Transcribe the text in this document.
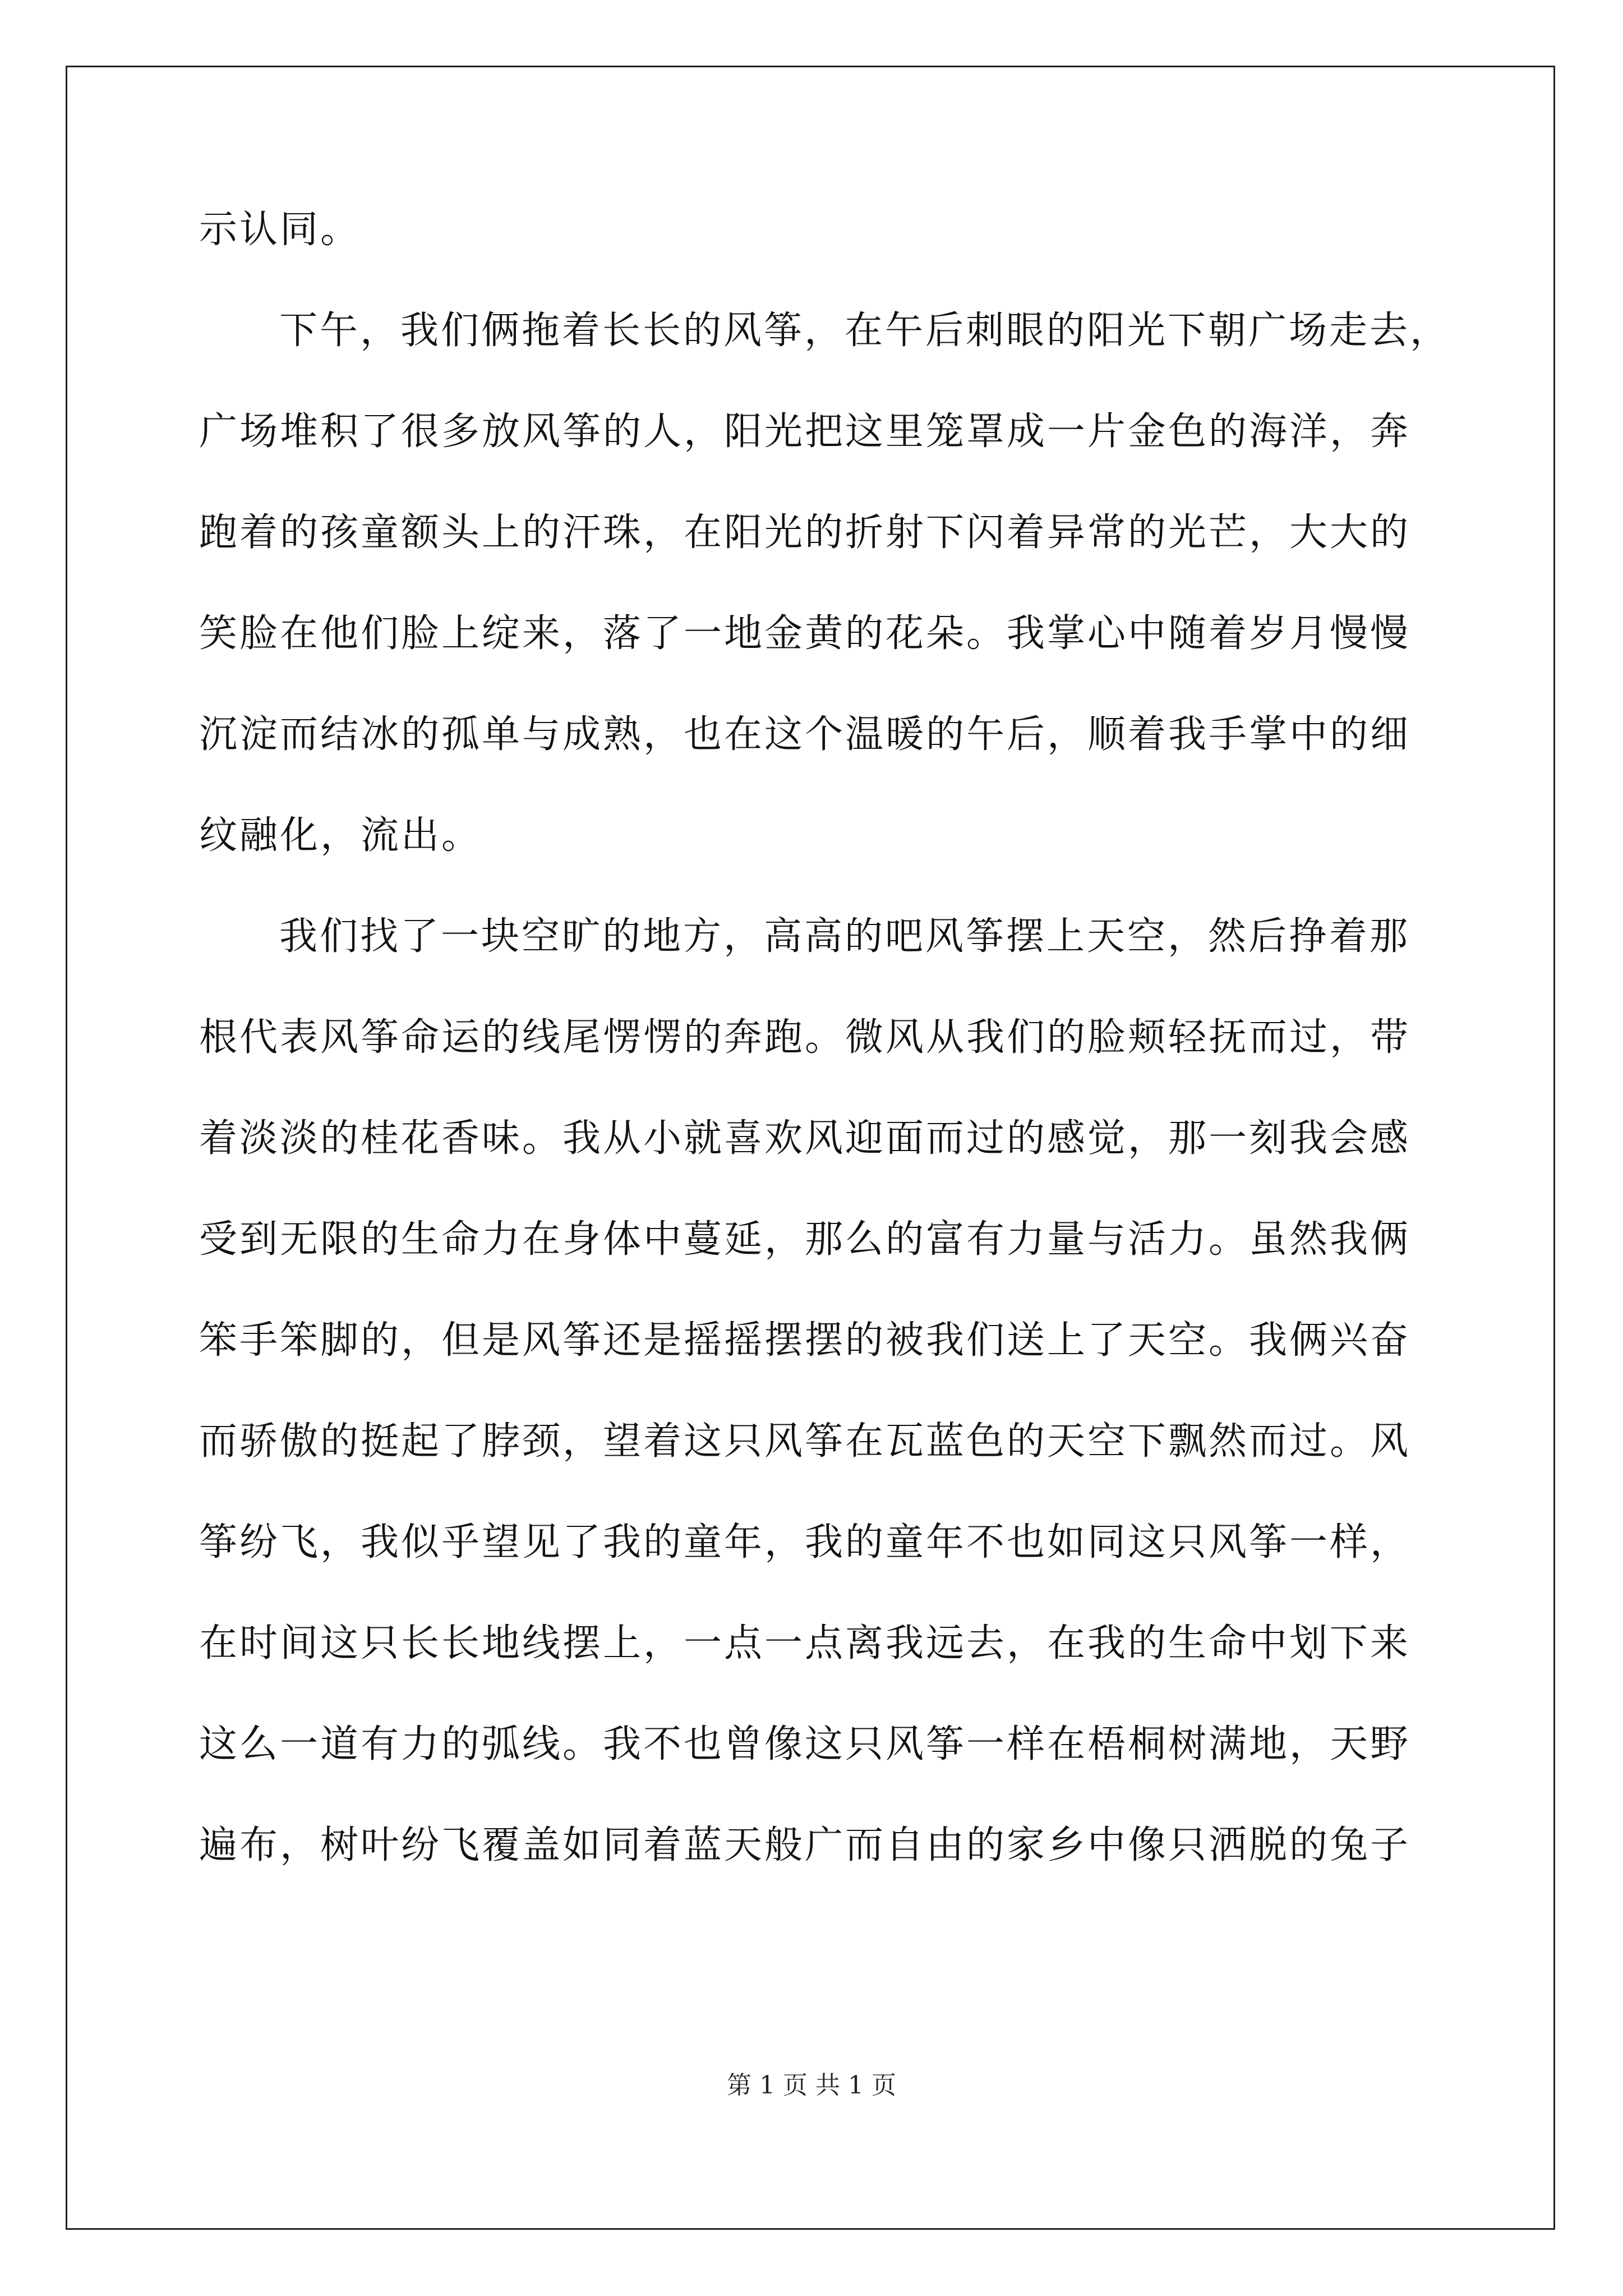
示认同。
下午，我们俩拖着长长的风筝，在午后刺眼的阳光下朝广场走去，
广场堆积了很多放风筝的人，阳光把这里笼罩成一片金色的海洋，奔
跑着的孩童额头上的汗珠，在阳光的折射下闪着异常的光芒，大大的
笑脸在他们脸上绽来，落了一地金黄的花朵。我掌心中随着岁月慢慢
沉淀而结冰的孤单与成熟，也在这个温暖的午后，顺着我手掌中的细
纹融化，流出。
我们找了一块空旷的地方，高高的吧风筝摆上天空，然后挣着那
根代表风筝命运的线尾愣愣的奔跑。微风从我们的脸颊轻抚而过，带
着淡淡的桂花香味。我从小就喜欢风迎面而过的感觉，那一刻我会感
受到无限的生命力在身体中蔓延，那么的富有力量与活力。虽然我俩
笨手笨脚的，但是风筝还是摇摇摆摆的被我们送上了天空。我俩兴奋
而骄傲的挺起了脖颈，望着这只风筝在瓦蓝色的天空下飘然而过。风
筝纷飞，我似乎望见了我的童年，我的童年不也如同这只风筝一样，
在时间这只长长地线摆上，一点一点离我远去，在我的生命中划下来
这么一道有力的弧线。我不也曾像这只风筝一样在梧桐树满地，天野
遍布，树叶纷飞覆盖如同着蓝天般广而自由的家乡中像只洒脱的兔子
第 1 页 共 1 页
